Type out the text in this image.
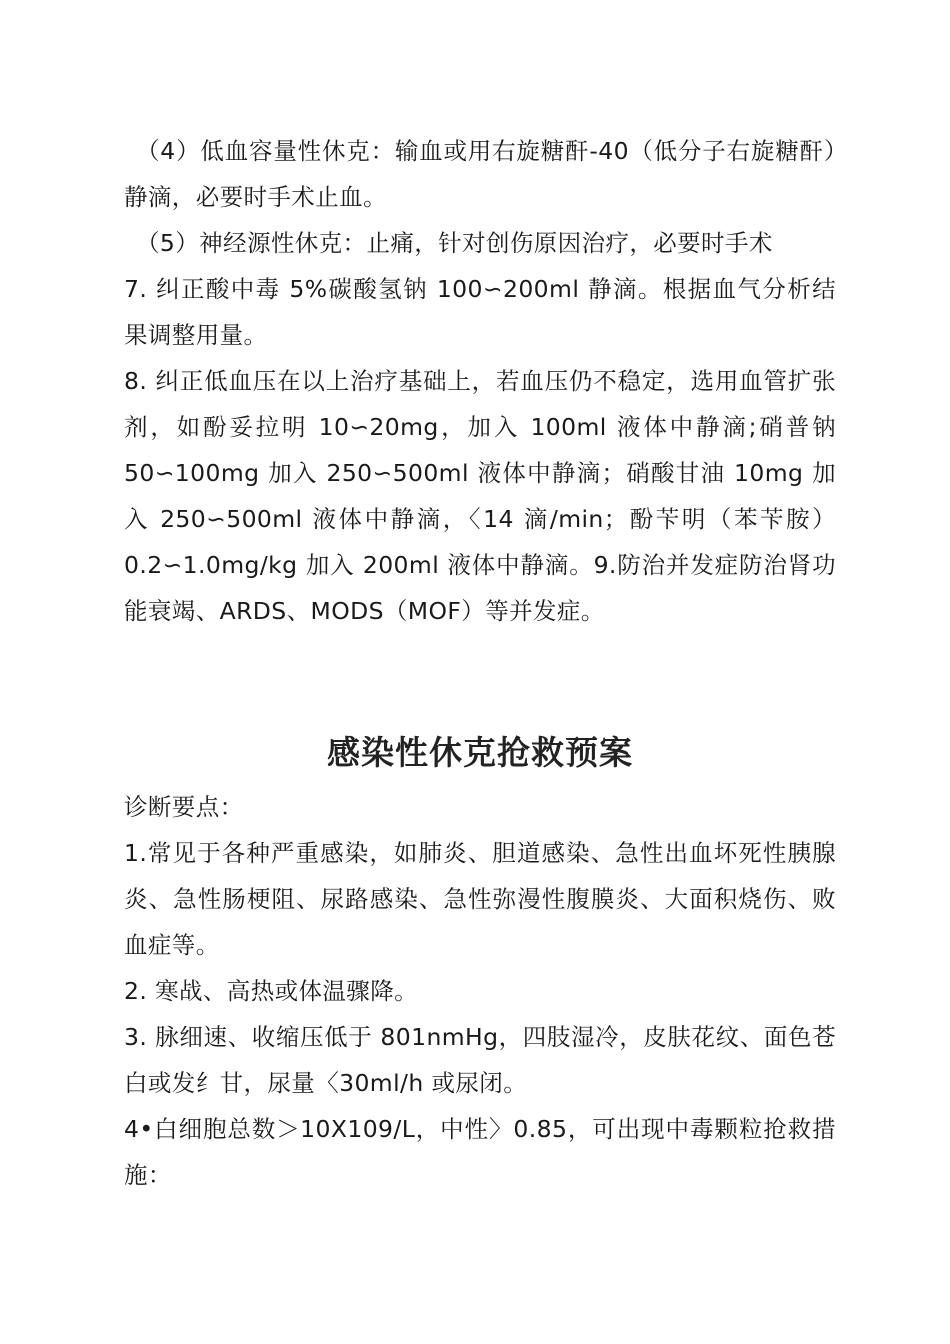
（4）低血容量性休克：输血或用右旋糖酐-40（低分子右旋糖酐）静滴，必要时手术止血。

（5）神经源性休克：止痛，针对创伤原因治疗，必要时手术

7. 纠正酸中毒 5%碳酸氢钠 100∽200ml 静滴。根据血气分析结果调整用量。

8. 纠正低血压在以上治疗基础上，若血压仍不稳定，选用血管扩张剂，如酚妥拉明 10∽20mg，加入 100ml 液体中静滴;硝普钠 50∽100mg 加入 250∽500ml 液体中静滴；硝酸甘油 10mg 加入 250∽500ml 液体中静滴，〈14 滴/min；酚苄明（苯苄胺）0.2∽1.0mg/kg 加入 200ml 液体中静滴。9.防治并发症防治肾功能衰竭、ARDS、MODS（MOF）等并发症。

感染性休克抢救预案

诊断要点：

1.常见于各种严重感染，如肺炎、胆道感染、急性出血坏死性胰腺炎、急性肠梗阻、尿路感染、急性弥漫性腹膜炎、大面积烧伤、败血症等。

2. 寒战、高热或体温骤降。

3. 脉细速、收缩压低于 801nmHg，四肢湿冷，皮肤花纹、面色苍白或发纟甘，尿量〈30ml/h 或尿闭。

4•白细胞总数＞10X109/L，中性〉0.85，可出现中毒颗粒抢救措施：
